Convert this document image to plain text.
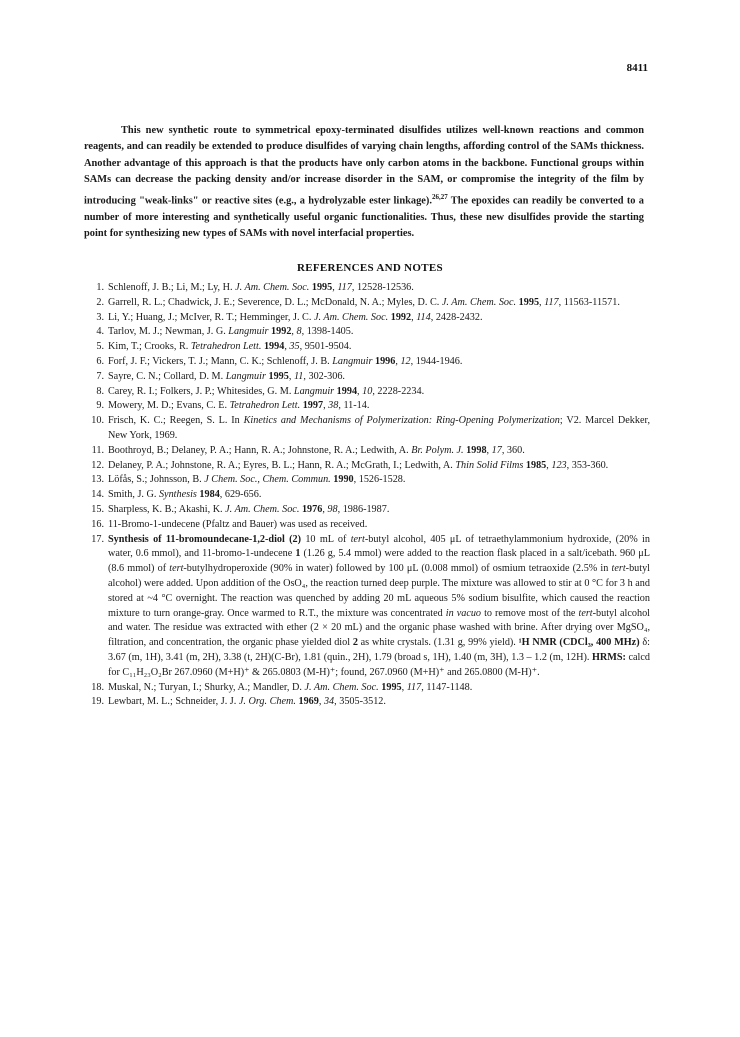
8411

This new synthetic route to symmetrical epoxy-terminated disulfides utilizes well-known reactions and common reagents, and can readily be extended to produce disulfides of varying chain lengths, affording control of the SAMs thickness. Another advantage of this approach is that the products have only carbon atoms in the backbone. Functional groups within SAMs can decrease the packing density and/or increase disorder in the SAM, or compromise the integrity of the film by introducing "weak-links" or reactive sites (e.g., a hydrolyzable ester linkage).$^{26,27}$ The epoxides can readily be converted to a number of more interesting and synthetically useful organic functionalities. Thus, these new disulfides provide the starting point for synthesizing new types of SAMs with novel interfacial properties.

REFERENCES AND NOTES
1. Schlenoff, J. B.; Li, M.; Ly, H. J. Am. Chem. Soc. 1995, 117, 12528-12536.
2. Garrell, R. L.; Chadwick, J. E.; Severence, D. L.; McDonald, N. A.; Myles, D. C. J. Am. Chem. Soc. 1995, 117, 11563-11571.
3. Li, Y.; Huang, J.; McIver, R. T.; Hemminger, J. C. J. Am. Chem. Soc. 1992, 114, 2428-2432.
4. Tarlov, M. J.; Newman, J. G. Langmuir 1992, 8, 1398-1405.
5. Kim, T.; Crooks, R. Tetrahedron Lett. 1994, 35, 9501-9504.
6. Forf, J. F.; Vickers, T. J.; Mann, C. K.; Schlenoff, J. B. Langmuir 1996, 12, 1944-1946.
7. Sayre, C. N.; Collard, D. M. Langmuir 1995, 11, 302-306.
8. Carey, R. I.; Folkers, J. P.; Whitesides, G. M. Langmuir 1994, 10, 2228-2234.
9. Mowery, M. D.; Evans, C. E. Tetrahedron Lett. 1997, 38, 11-14.
10. Frisch, K. C.; Reegen, S. L. In Kinetics and Mechanisms of Polymerization: Ring-Opening Polymerization; V2. Marcel Dekker, New York, 1969.
11. Boothroyd, B.; Delaney, P. A.; Hann, R. A.; Johnstone, R. A.; Ledwith, A. Br. Polym. J. 1998, 17, 360.
12. Delaney, P. A.; Johnstone, R. A.; Eyres, B. L.; Hann, R. A.; McGrath, I.; Ledwith, A. Thin Solid Films 1985, 123, 353-360.
13. Löfås, S.; Johnsson, B. J Chem. Soc., Chem. Commun. 1990, 1526-1528.
14. Smith, J. G. Synthesis 1984, 629-656.
15. Sharpless, K. B.; Akashi, K. J. Am. Chem. Soc. 1976, 98, 1986-1987.
16. 11-Bromo-1-undecene (Pfaltz and Bauer) was used as received.
17. Synthesis of 11-bromoundecane-1,2-diol (2) 10 mL of tert-butyl alcohol, 405 μL of tetraethylammonium hydroxide, (20% in water, 0.6 mmol), and 11-bromo-1-undecene 1 (1.26 g, 5.4 mmol) were added to the reaction flask placed in a salt/icebath. 960 μL (8.6 mmol) of tert-butylhydroperoxide (90% in water) followed by 100 μL (0.008 mmol) of osmium tetraoxide (2.5% in tert-butyl alcohol) were added. Upon addition of the OsO₄, the reaction turned deep purple. The mixture was allowed to stir at 0 °C for 3 h and stored at ~4 °C overnight. The reaction was quenched by adding 20 mL aqueous 5% sodium bisulfite, which caused the reaction mixture to turn orange-gray. Once warmed to R.T., the mixture was concentrated in vacuo to remove most of the tert-butyl alcohol and water. The residue was extracted with ether (2 × 20 mL) and the organic phase washed with brine. After drying over MgSO₄, filtration, and concentration, the organic phase yielded diol 2 as white crystals. (1.31 g, 99% yield). ¹H NMR (CDCl₃, 400 MHz) δ: 3.67 (m, 1H), 3.41 (m, 2H), 3.38 (t, 2H)(C-Br), 1.81 (quin., 2H), 1.79 (broad s, 1H), 1.40 (m, 3H), 1.3 – 1.2 (m, 12H). HRMS: calcd for C₁₁H₂₃O₂Br 267.0960 (M+H)⁺ & 265.0803 (M-H)⁺; found, 267.0960 (M+H)⁺ and 265.0800 (M-H)⁺.
18. Muskal, N.; Turyan, I.; Shurky, A.; Mandler, D. J. Am. Chem. Soc. 1995, 117, 1147-1148.
19. Lewbart, M. L.; Schneider, J. J. J. Org. Chem. 1969, 34, 3505-3512.
